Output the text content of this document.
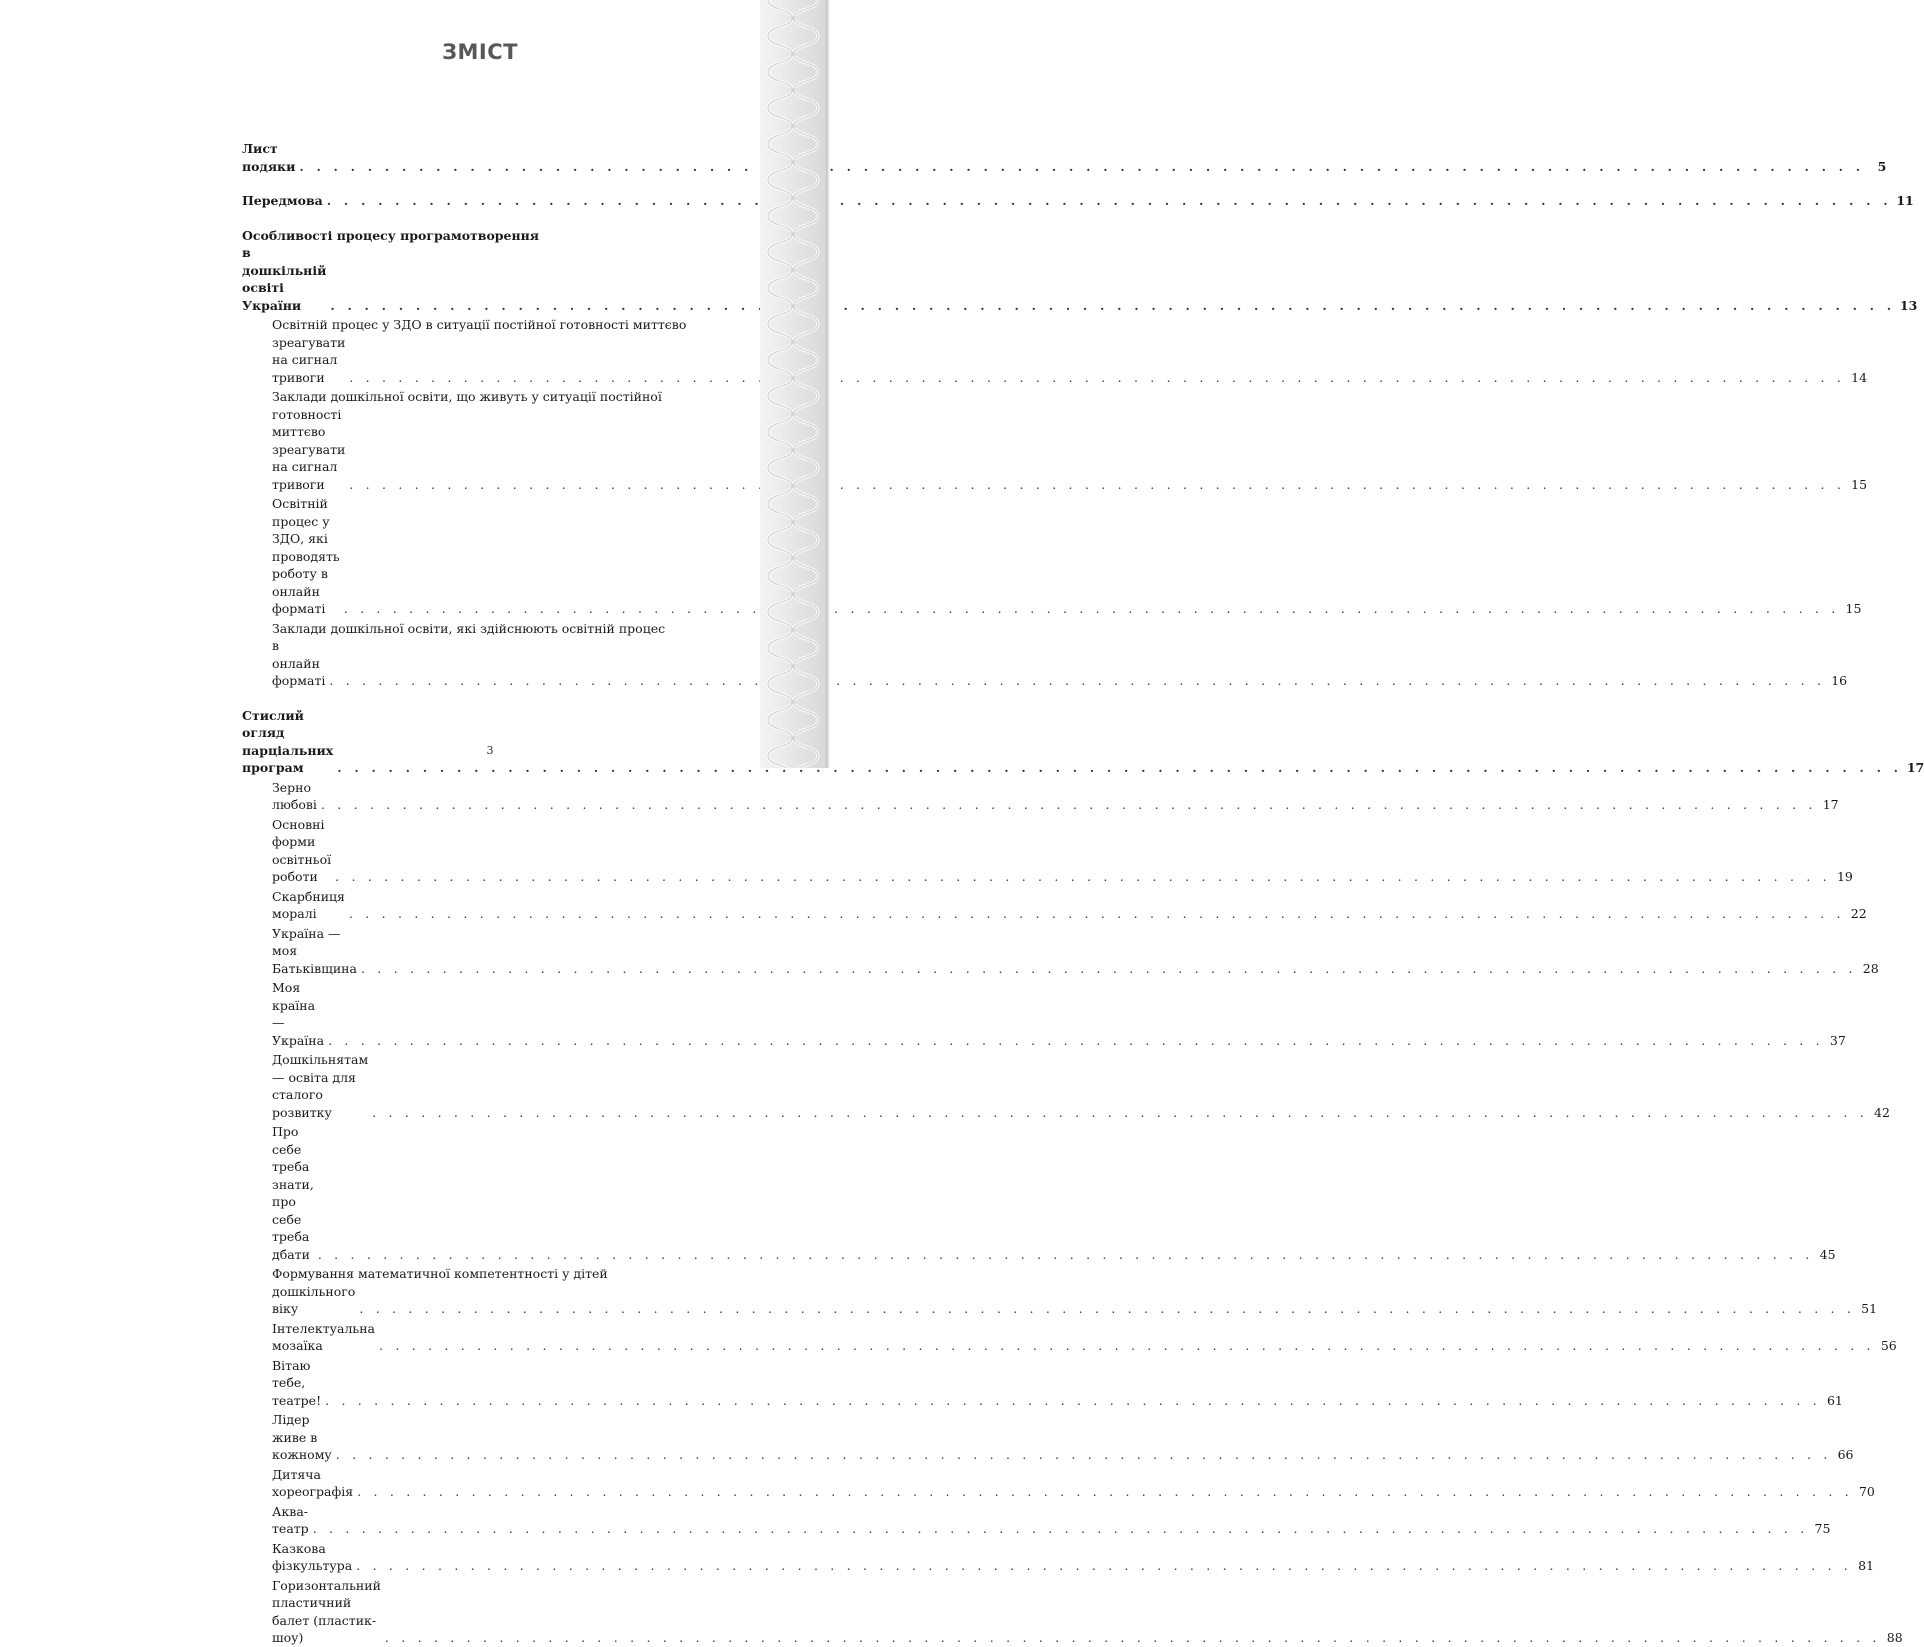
ЗМІСТ
Лист подяки . . .	5
Передмова . . .	11
Особливості процесу програмотворення
в дошкільній освіті України . . .	13
Освітній процес у ЗДО в ситуації постійної готовності миттєво
зреагувати на сигнал тривоги . . .	14
Заклади дошкільної освіти, що живуть у ситуації постійної
готовності миттєво зреагувати на сигнал тривоги . . .	15
Освітній процес у ЗДО, які проводять роботу в онлайн форматі . . .	15
Заклади дошкільної освіти, які здійснюють освітній процес
в онлайн форматі . . .	16
Стислий огляд парціальних програм . . .	17
Зерно любові . . .	17
Основні форми освітньої роботи . . .	19
Скарбниця моралі . . .	22
Україна — моя Батьківщина . . .	28
Моя країна — Україна . . .	37
Дошкільнятам — освіта для сталого розвитку . . .	42
Про себе треба знати, про себе треба дбати . . .	45
Формування математичної компетентності у дітей
дошкільного віку . . .	51
Інтелектуальна мозаїка . . .	56
Вітаю тебе, театре! . . .	61
Лідер живе в кожному . . .	66
Дитяча хореографія . . .	70
Аква-театр . . .	75
Казкова фізкультура . . .	81
Горизонтальний пластичний балет (пластик-шоу) . . .	88
3
